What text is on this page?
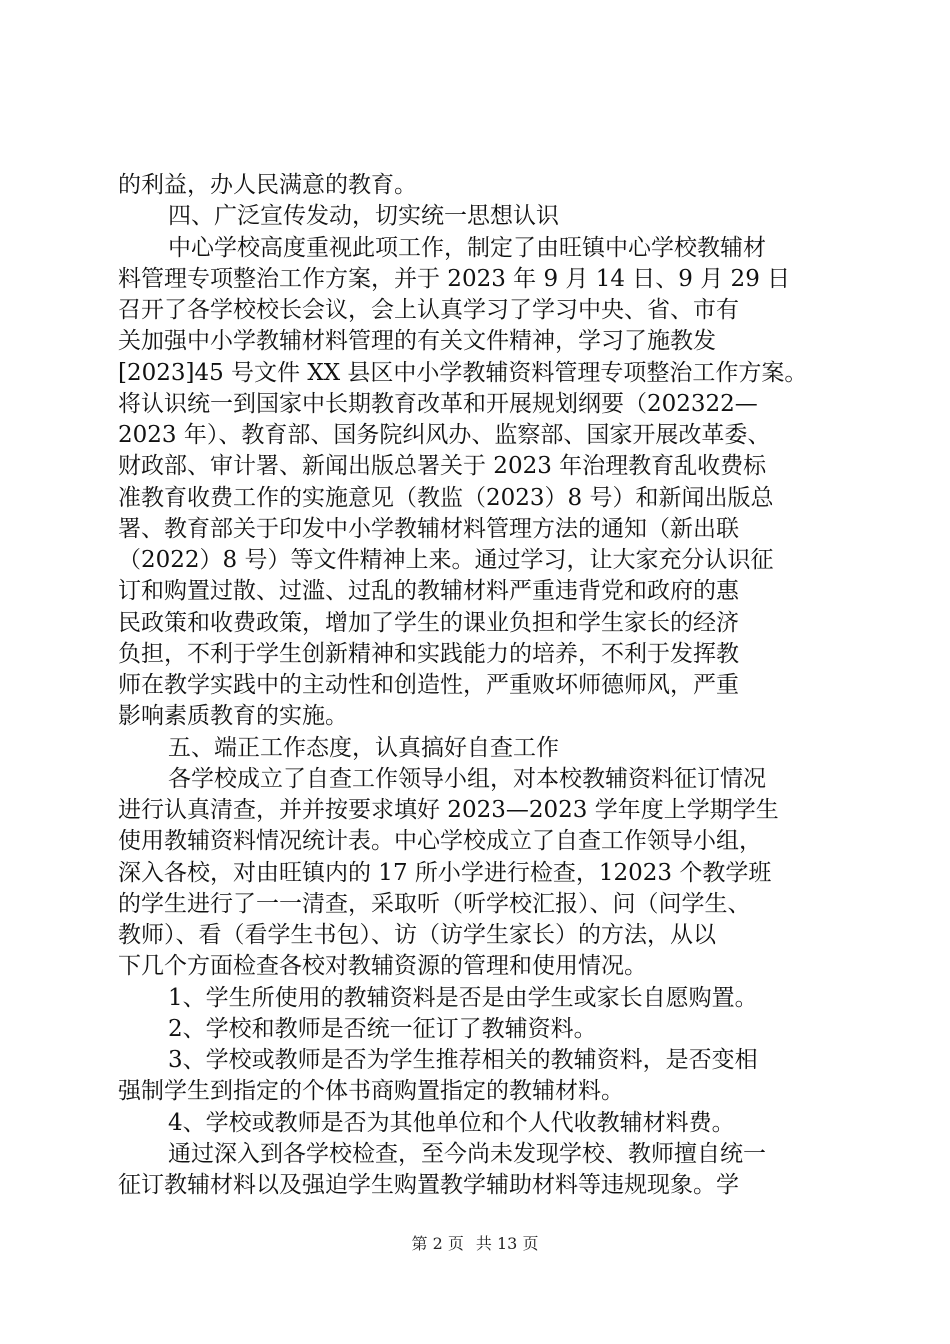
的利益，办人民满意的教育。
四、广泛宣传发动，切实统一思想认识
中心学校高度重视此项工作，制定了由旺镇中心学校教辅材
料管理专项整治工作方案，并于 2023 年 9 月 14 日、9 月 29 日
召开了各学校校长会议，会上认真学习了学习中央、省、市有
关加强中小学教辅材料管理的有关文件精神，学习了施教发
[2023]45 号文件 XX 县区中小学教辅资料管理专项整治工作方案。
将认识统一到国家中长期教育改革和开展规划纲要（202322—
2023 年）、教育部、国务院纠风办、监察部、国家开展改革委、
财政部、审计署、新闻出版总署关于 2023 年治理教育乱收费标
准教育收费工作的实施意见（教监（2023）8 号）和新闻出版总
署、教育部关于印发中小学教辅材料管理方法的通知（新出联
（2022）8 号）等文件精神上来。通过学习，让大家充分认识征
订和购置过散、过滥、过乱的教辅材料严重违背党和政府的惠
民政策和收费政策，增加了学生的课业负担和学生家长的经济
负担，不利于学生创新精神和实践能力的培养，不利于发挥教
师在教学实践中的主动性和创造性，严重败坏师德师风，严重
影响素质教育的实施。
五、端正工作态度，认真搞好自查工作
各学校成立了自查工作领导小组，对本校教辅资料征订情况
进行认真清查，并并按要求填好 2023—2023 学年度上学期学生
使用教辅资料情况统计表。中心学校成立了自查工作领导小组，
深入各校，对由旺镇内的 17 所小学进行检查，12023 个教学班
的学生进行了一一清查，采取听（听学校汇报）、问（问学生、
教师）、看（看学生书包）、访（访学生家长）的方法，从以
下几个方面检查各校对教辅资源的管理和使用情况。
1、学生所使用的教辅资料是否是由学生或家长自愿购置。
2、学校和教师是否统一征订了教辅资料。
3、学校或教师是否为学生推荐相关的教辅资料，是否变相
强制学生到指定的个体书商购置指定的教辅材料。
4、学校或教师是否为其他单位和个人代收教辅材料费。
通过深入到各学校检查，至今尚未发现学校、教师擅自统一
征订教辅材料以及强迫学生购置教学辅助材料等违规现象。学
第 2 页 共 13 页
